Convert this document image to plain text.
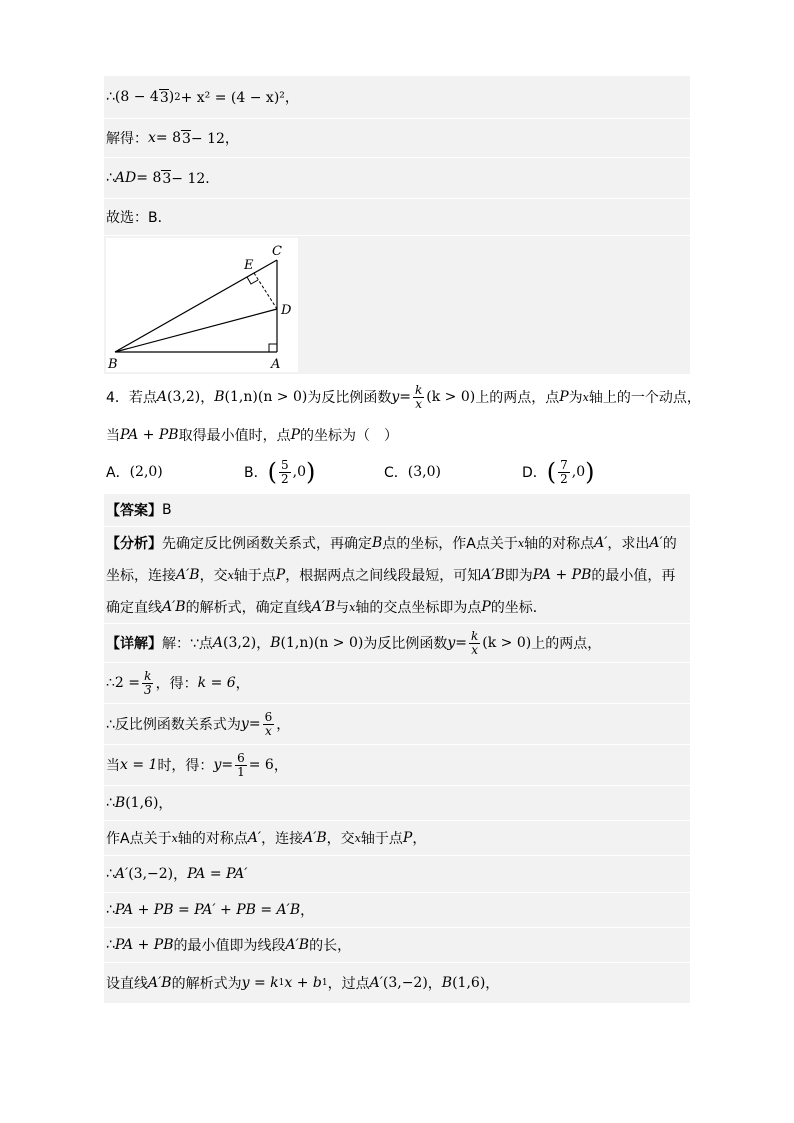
∴ (8 − 4 3 ) 2 + x² = (4 − x)²，
解得： x = 8 3 − 12，
∴ AD = 8 3 − 12．
故选：B．
C
E
D
B	A
4． 若点 A (3,2) ， B (1,n) (n > 0) 为反比例函数 $y = \frac{k}{x} (k > 0)$ 上的两点，点 P 为 x 轴上的一个动点，
当 PA + PB 取得最小值时，点 P 的坐标为（　）
A． (2,0)	B． ( $\frac{5}{2} ,0$ )	C． (3,0)	D． ( $\frac{7}{2} ,0$ )
【答案】 B
【分析】 先确定反比例函数关系式，再确定 B 点的坐标，作A点关于 x 轴的对称点 A′ ，求出 A′ 的
坐标，连接 A′B ，交 x 轴于点 P ，根据两点之间线段最短，可知 A′B 即为 PA + PB 的最小值，再
确定直线 A′B 的解析式，确定直线 A′B 与 x 轴的交点坐标即为点 P 的坐标．
【详解】 解：∵点 A (3,2) ， B (1,n) (n > 0) 为反比例函数 $y = \frac{k}{x} (k > 0)$ 上的两点，
∴2 = $\frac{k}{3}$ ，得： k = 6 ，
∴反比例函数关系式为 $y = \frac{6}{x}$ ，
当 x = 1 时，得： $y = \frac{6}{1} = 6$ ，
∴ B (1,6) ，
作A点关于 x 轴的对称点 A′ ，连接 A′B ，交 x 轴于点 P ，
∴ A′ (3,−2) ， PA = PA′
∴ PA + PB = PA′ + PB = A′B ，
∴ PA + PB 的最小值即为线段 A′B 的长，
设直线 A′B 的解析式为 y = k 1 x + b 1 ，过点 A′ (3,−2) ， B (1,6) ，
